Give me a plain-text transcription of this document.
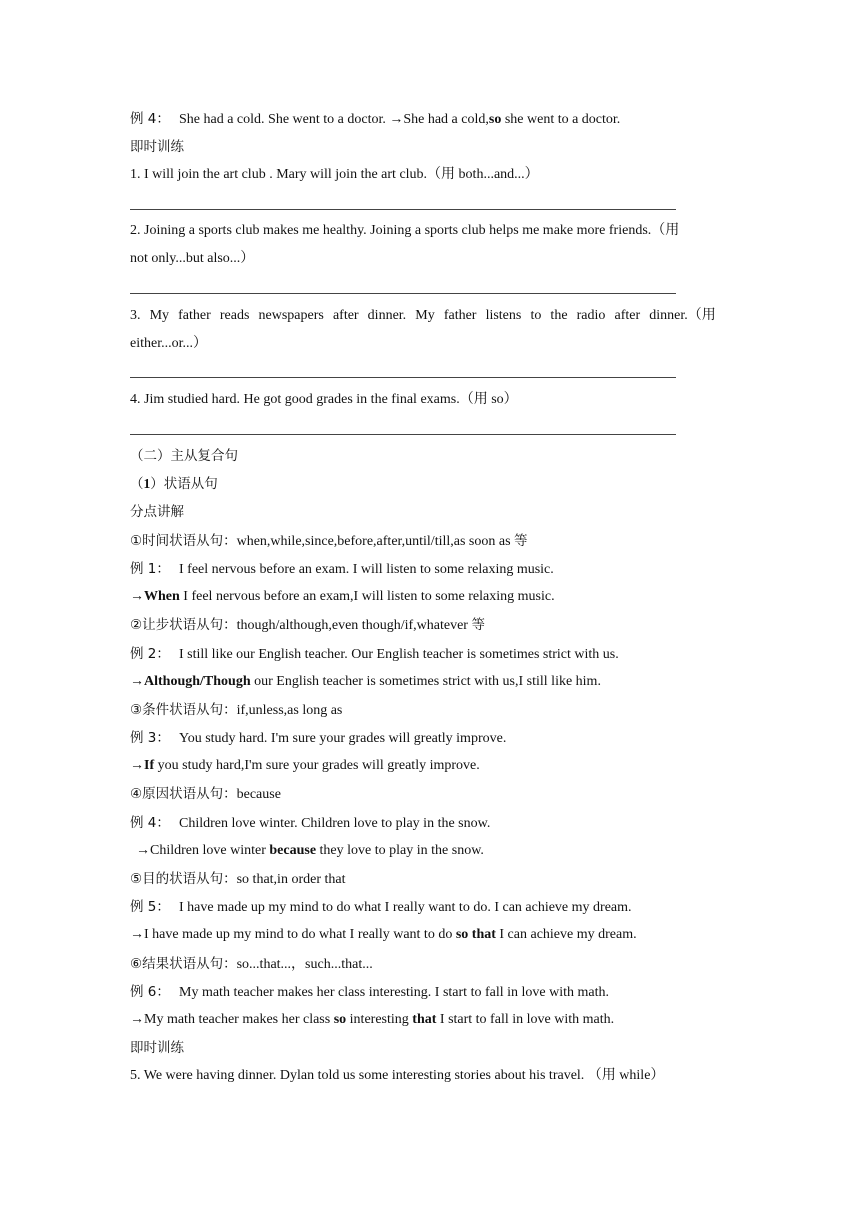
例 4： She had a cold. She went to a doctor. →She had a cold,so she went to a doctor.
即时训练
1. I will join the art club . Mary will join the art club.（用 both...and...）
2. Joining a sports club makes me healthy. Joining a sports club helps me make more friends.（用
not only...but also...）
3. My father reads newspapers after dinner. My father listens to the radio after dinner.（用
either...or...）
4. Jim studied hard. He got good grades in the final exams.（用 so）
（二）主从复合句
（1）状语从句
分点讲解
①时间状语从句：when,while,since,before,after,until/till,as soon as 等
例 1： I feel nervous before an exam. I will listen to some relaxing music.
→When I feel nervous before an exam,I will listen to some relaxing music.
②让步状语从句：though/although,even though/if,whatever 等
例 2： I still like our English teacher. Our English teacher is sometimes strict with us.
→Although/Though our English teacher is sometimes strict with us,I still like him.
③条件状语从句：if,unless,as long as
例 3： You study hard. I'm sure your grades will greatly improve.
→If you study hard,I'm sure your grades will greatly improve.
④原因状语从句：because
例 4： Children love winter. Children love to play in the snow.
→Children love winter because they love to play in the snow.
⑤目的状语从句：so that,in order that
例 5： I have made up my mind to do what I really want to do. I can achieve my dream.
→I have made up my mind to do what I really want to do so that I can achieve my dream.
⑥结果状语从句：so...that...，such...that...
例 6： My math teacher makes her class interesting. I start to fall in love with math.
→My math teacher makes her class so interesting that I start to fall in love with math.
即时训练
5. We were having dinner. Dylan told us some interesting stories about his travel. （用 while）
